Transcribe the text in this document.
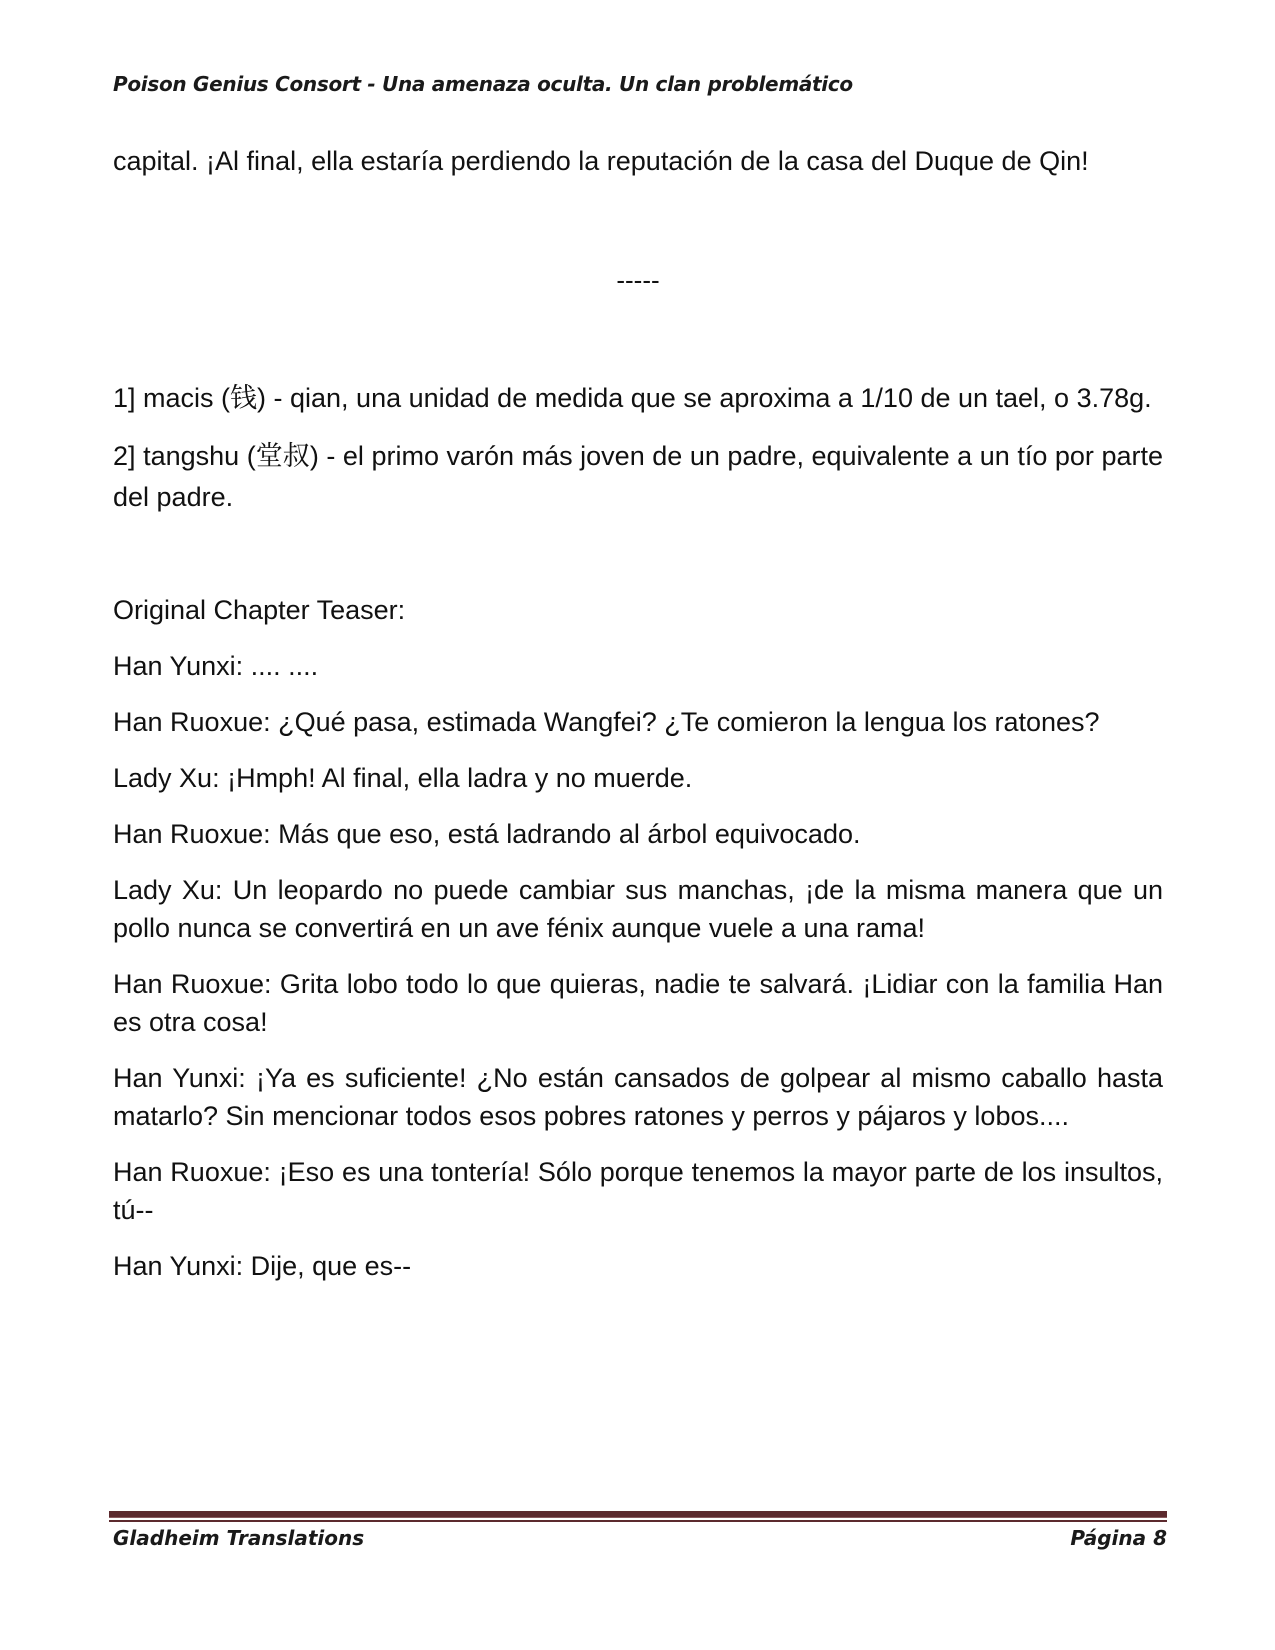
Poison Genius Consort - Una amenaza oculta. Un clan problemático

capital. ¡Al final, ella estaría perdiendo la reputación de la casa del Duque de Qin!

-----

1] macis (钱) - qian, una unidad de medida que se aproxima a 1/10 de un tael, o 3.78g.

2] tangshu (堂叔) - el primo varón más joven de un padre, equivalente a un tío por parte del padre.

Original Chapter Teaser:

Han Yunxi: .... ....

Han Ruoxue: ¿Qué pasa, estimada Wangfei? ¿Te comieron la lengua los ratones?

Lady Xu: ¡Hmph! Al final, ella ladra y no muerde.

Han Ruoxue: Más que eso, está ladrando al árbol equivocado.

Lady Xu: Un leopardo no puede cambiar sus manchas, ¡de la misma manera que un pollo nunca se convertirá en un ave fénix aunque vuele a una rama!

Han Ruoxue: Grita lobo todo lo que quieras, nadie te salvará. ¡Lidiar con la familia Han es otra cosa!

Han Yunxi: ¡Ya es suficiente! ¿No están cansados de golpear al mismo caballo hasta matarlo? Sin mencionar todos esos pobres ratones y perros y pájaros y lobos....

Han Ruoxue: ¡Eso es una tontería! Sólo porque tenemos la mayor parte de los insultos, tú--

Han Yunxi: Dije, que es--

Gladheim Translations	Página 8
